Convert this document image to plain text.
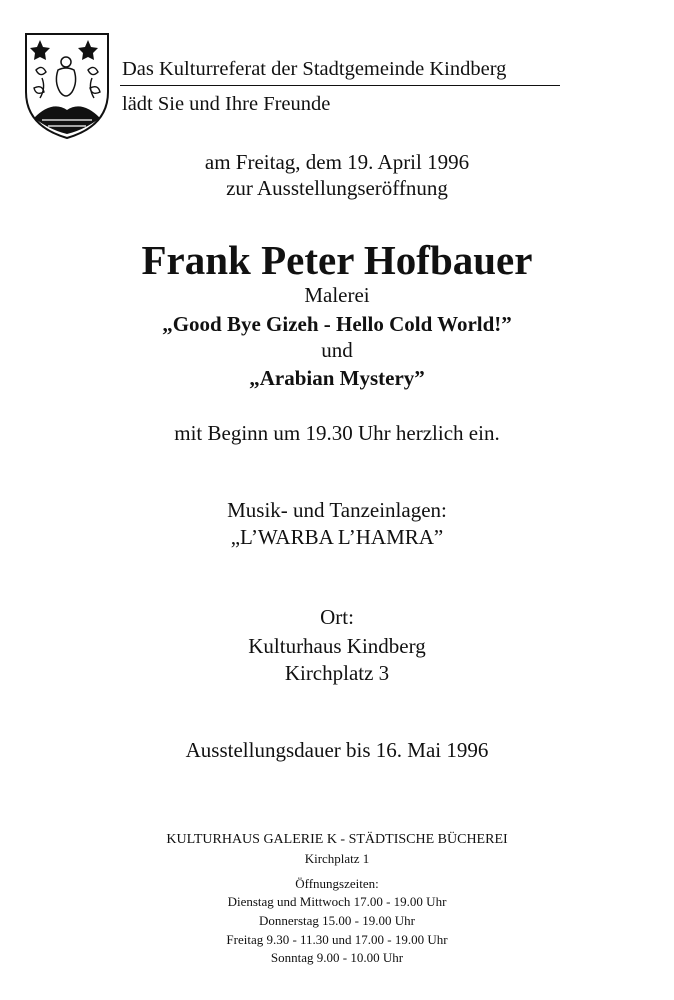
Das Kulturreferat der Stadtgemeinde Kindberg
lädt Sie und Ihre Freunde
am Freitag, dem 19. April 1996
zur Ausstellungseröffnung
Frank Peter Hofbauer
Malerei
„Good Bye Gizeh - Hello Cold World!”
und
„Arabian Mystery”
mit Beginn um 19.30 Uhr herzlich ein.
Musik- und Tanzeinlagen:
„L’WARBA L’HAMRA”
Ort:
Kulturhaus Kindberg
Kirchplatz 3
Ausstellungsdauer bis 16. Mai 1996
KULTURHAUS GALERIE K - STÄDTISCHE BÜCHEREI
Kirchplatz 1
Öffnungszeiten:
Dienstag und Mittwoch 17.00 - 19.00 Uhr
Donnerstag 15.00 - 19.00 Uhr
Freitag 9.30 - 11.30 und 17.00 - 19.00 Uhr
Sonntag 9.00 - 10.00 Uhr
